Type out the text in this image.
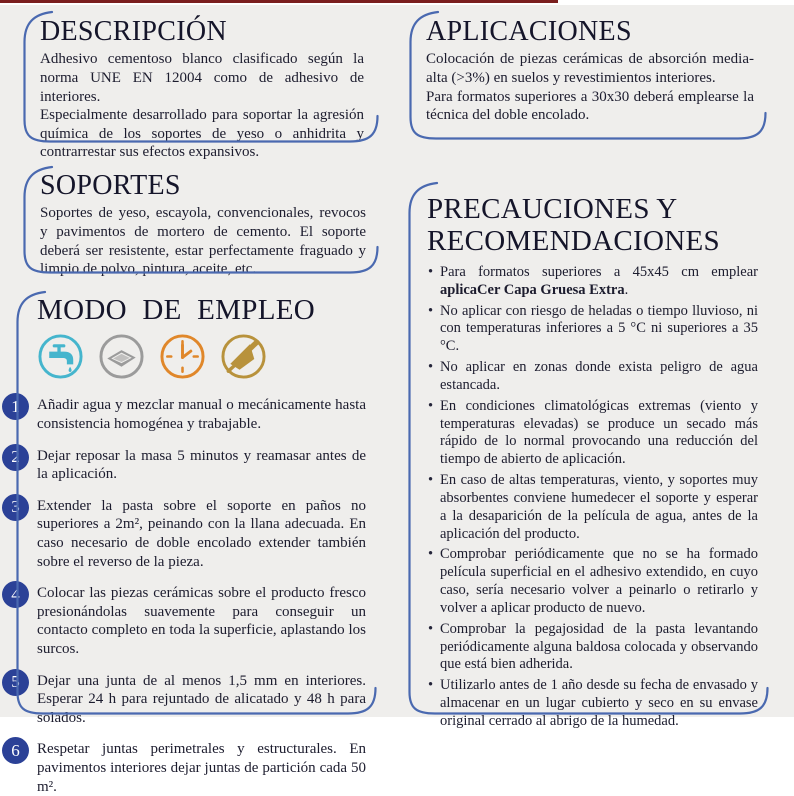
DESCRIPCIÓN

Adhesivo cementoso blanco clasificado según la norma UNE EN 12004 como de adhesivo de interiores.

Especialmente desarrollado para soportar la agresión química de los soportes de yeso o anhidrita y contrarrestar sus efectos expansivos.

APLICACIONES

Colocación de piezas cerámicas de absorción media-alta (>3%) en suelos y revestimientos interiores.

Para formatos superiores a 30x30 deberá emplearse la técnica del doble encolado.

SOPORTES

Soportes de yeso, escayola, convencionales, revocos y pavimentos de mortero de cemento. El soporte deberá ser resistente, estar perfectamente fraguado y limpio de polvo, pintura, aceite, etc.

MODO DE EMPLEO
1	Añadir agua y mezclar manual o mecánicamente hasta consistencia homogénea y trabajable.

2	Dejar reposar la masa 5 minutos y reamasar antes de la aplicación.

3	Extender la pasta sobre el soporte en paños no superiores a 2m², peinando con la llana adecuada. En caso necesario de doble encolado extender también sobre el reverso de la pieza.

4	Colocar las piezas cerámicas sobre el producto fresco presionándolas suavemente para conseguir un contacto completo en toda la superficie, aplastando los surcos.

5	Dejar una junta de al menos 1,5 mm en interiores. Esperar 24 h para rejuntado de alicatado y 48 h para solados.

6	Respetar juntas perimetrales y estructurales. En pavimentos interiores dejar juntas de partición cada 50 m².

PRECAUCIONES Y RECOMENDACIONES
• Para formatos superiores a 45x45 cm emplear aplicaCer Capa Gruesa Extra.
• No aplicar con riesgo de heladas o tiempo lluvioso, ni con temperaturas inferiores a 5 °C ni superiores a 35 °C.
• No aplicar en zonas donde exista peligro de agua estancada.
• En condiciones climatológicas extremas (viento y temperaturas elevadas) se produce un secado más rápido de lo normal provocando una reducción del tiempo de abierto de aplicación.
• En caso de altas temperaturas, viento, y soportes muy absorbentes conviene humedecer el soporte y esperar a la desaparición de la película de agua, antes de la aplicación del producto.
• Comprobar periódicamente que no se ha formado película superficial en el adhesivo extendido, en cuyo caso, sería necesario volver a peinarlo o retirarlo y volver a aplicar producto de nuevo.
• Comprobar la pegajosidad de la pasta levantando periódicamente alguna baldosa colocada y observando que está bien adherida.
• Utilizarlo antes de 1 año desde su fecha de envasado y almacenar en un lugar cubierto y seco en su envase original cerrado al abrigo de la humedad.
